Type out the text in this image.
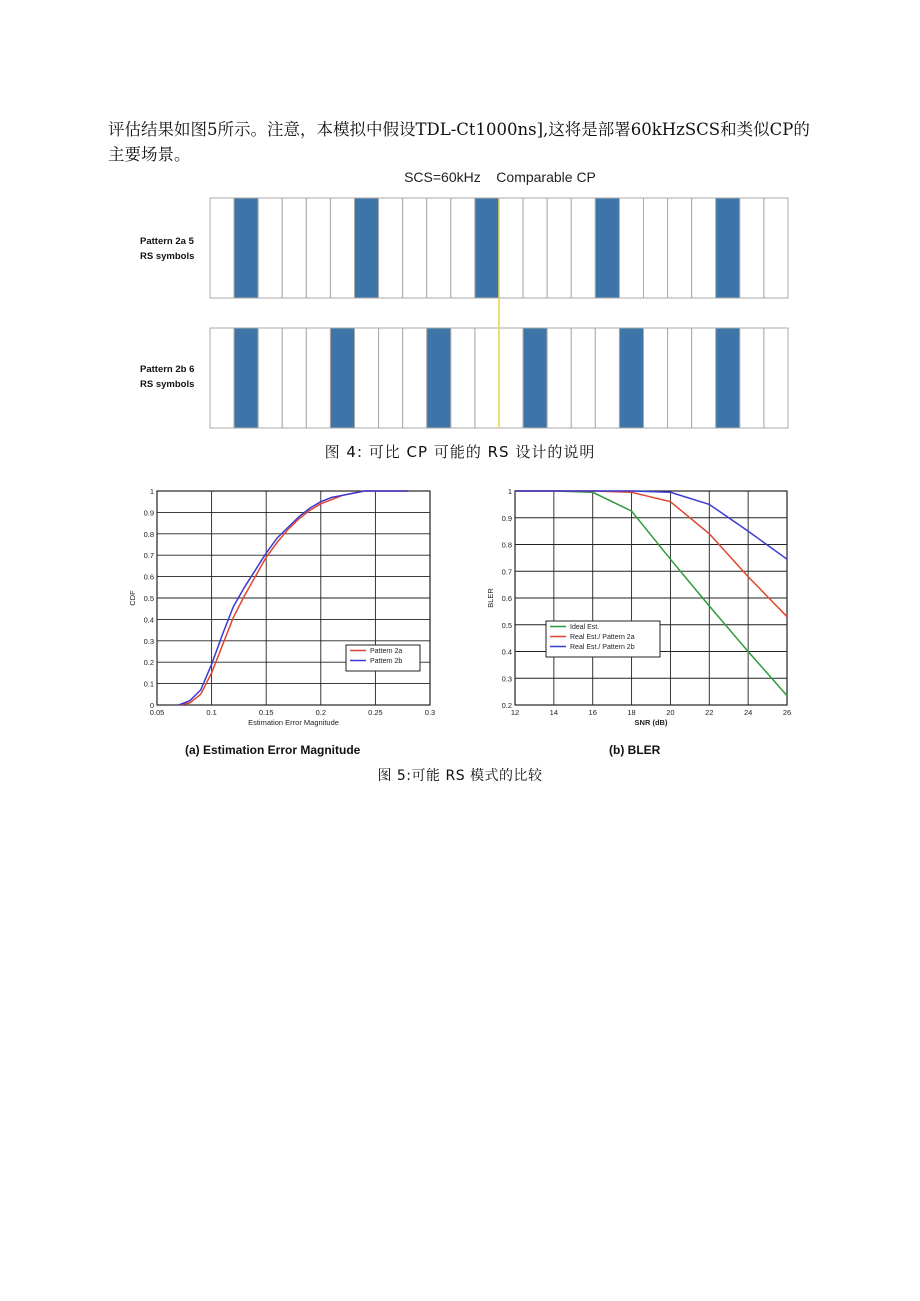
评估结果如图5所示。注意，本模拟中假设TDL-Ct1000ns],这将是部署60kHzSCS和类似CP的主要场景。

SCS=60kHz    Comparable CP
Pattern 2a 5 RS symbols
Pattern 2b 6 RS symbols
图 4: 可比 CP 可能的 RS 设计的说明
0.05	0.1	0.15	0.2	0.25	0.3
0
0.1
0.2
0.3
0.4
0.5
0.6
0.7
0.8
0.9
1
Estimation Error Magnitude
CDF
Pattern 2a
Pattern 2b
12	14	16	18	20	22	24	26
0.2
0.3
0.4
0.5
0.6
0.7
0.8
0.9
1
SNR (dB)
BLER
Ideal Est.
Real Est./ Pattern 2a
Real Est./ Pattern 2b
(a) Estimation Error Magnitude	(b) BLER
图 5:可能 RS 模式的比较
